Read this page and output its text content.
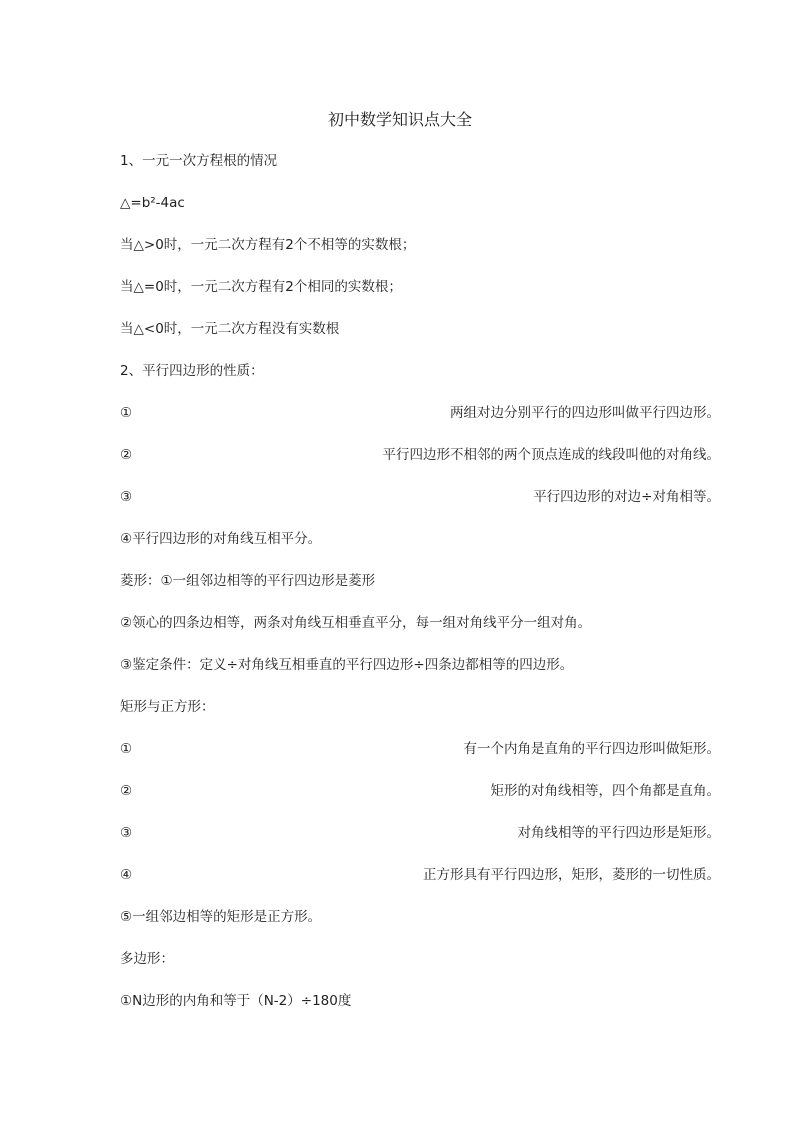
初中数学知识点大全
1、一元一次方程根的情况
△=b²-4ac
当△>0时，一元二次方程有2个不相等的实数根；
当△=0时，一元二次方程有2个相同的实数根；
当△<0时，一元二次方程没有实数根
2、平行四边形的性质：
①	两组对边分别平行的四边形叫做平行四边形。
②	平行四边形不相邻的两个顶点连成的线段叫他的对角线。
③	平行四边形的对边÷对角相等。
④平行四边形的对角线互相平分。
菱形：①一组邻边相等的平行四边形是菱形
②领心的四条边相等，两条对角线互相垂直平分，每一组对角线平分一组对角。
③鉴定条件：定义÷对角线互相垂直的平行四边形÷四条边都相等的四边形。
矩形与正方形：
①	有一个内角是直角的平行四边形叫做矩形。
②	矩形的对角线相等，四个角都是直角。
③	对角线相等的平行四边形是矩形。
④	正方形具有平行四边形，矩形，菱形的一切性质。
⑤一组邻边相等的矩形是正方形。
多边形：
①N边形的内角和等于（N-2）÷180度
